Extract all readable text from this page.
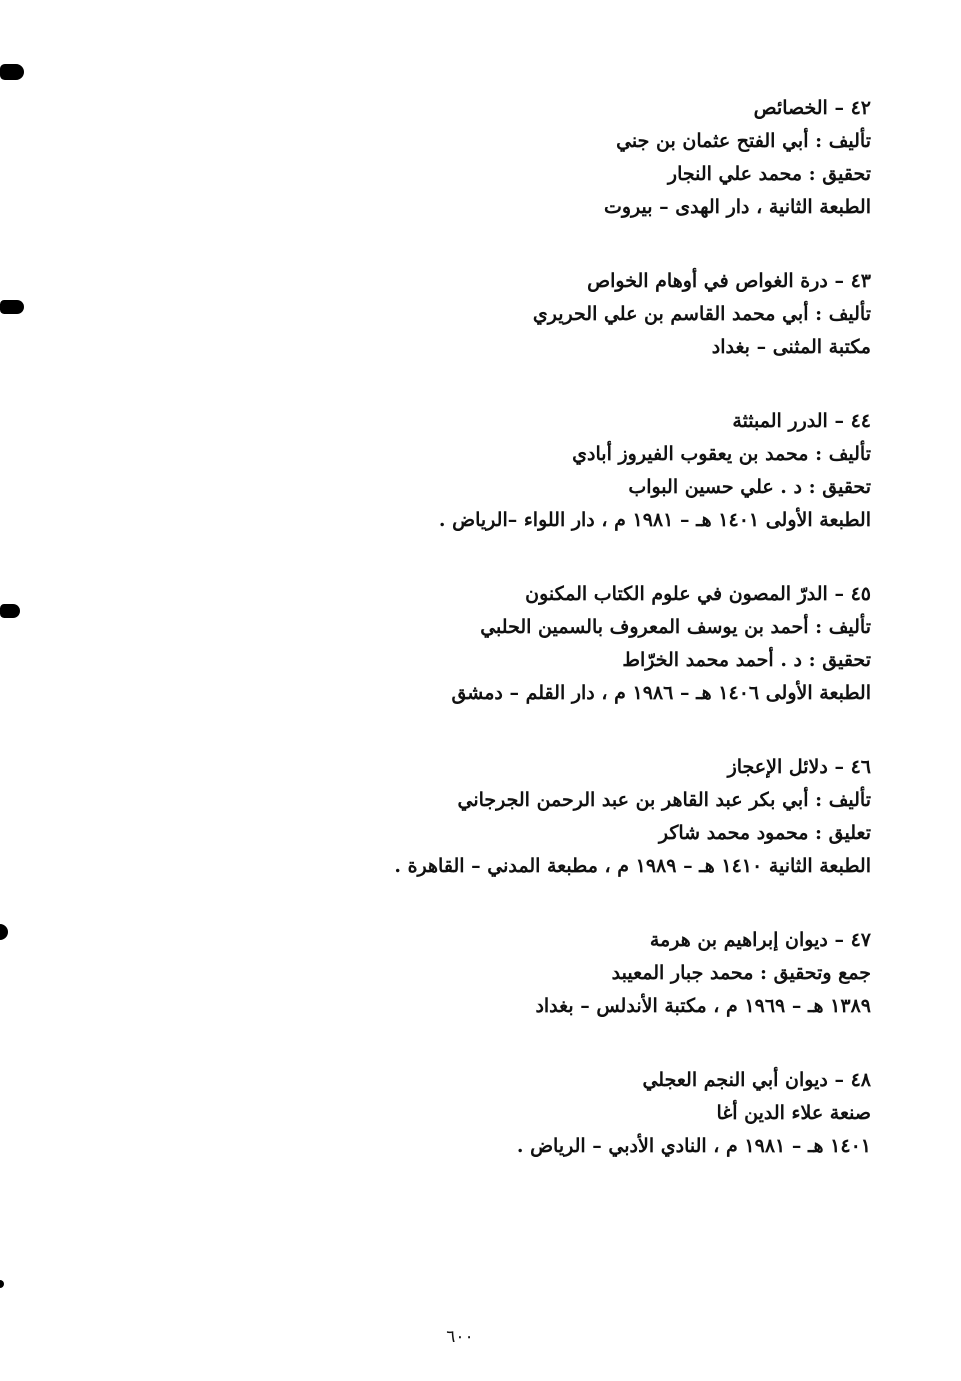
٤٢ – الخصائص
تأليف : أبي الفتح عثمان بن جني
تحقيق : محمد علي النجار
الطبعة الثانية ، دار الهدى – بيروت
٤٣ – درة الغواص في أوهام الخواص
تأليف : أبي محمد القاسم بن علي الحريري
مكتبة المثنى – بغداد
٤٤ – الدرر المبثثة
تأليف : محمد بن يعقوب الفيروز أبادي
تحقيق : د . علي حسين البواب
الطبعة الأولى ١٤٠١ هـ – ١٩٨١ م ، دار اللواء –الرياض .
٤٥ – الدرّ المصون في علوم الكتاب المكنون
تأليف : أحمد بن يوسف المعروف بالسمين الحلبي
تحقيق : د . أحمد محمد الخرّاط
الطبعة الأولى ١٤٠٦ هـ – ١٩٨٦ م ، دار القلم – دمشق
٤٦ – دلائل الإعجاز
تأليف : أبي بكر عبد القاهر بن عبد الرحمن الجرجاني
تعليق : محمود محمد شاكر
الطبعة الثانية ١٤١٠ هـ – ١٩٨٩ م ، مطبعة المدني – القاهرة .
٤٧ – ديوان إبراهيم بن هرمة
جمع وتحقيق : محمد جبار المعيبد
١٣٨٩ هـ – ١٩٦٩ م ، مكتبة الأندلس – بغداد
٤٨ – ديوان أبي النجم العجلي
صنعة علاء الدين أغا
١٤٠١ هـ – ١٩٨١ م ، النادي الأدبي – الرياض .
٦٠٠
